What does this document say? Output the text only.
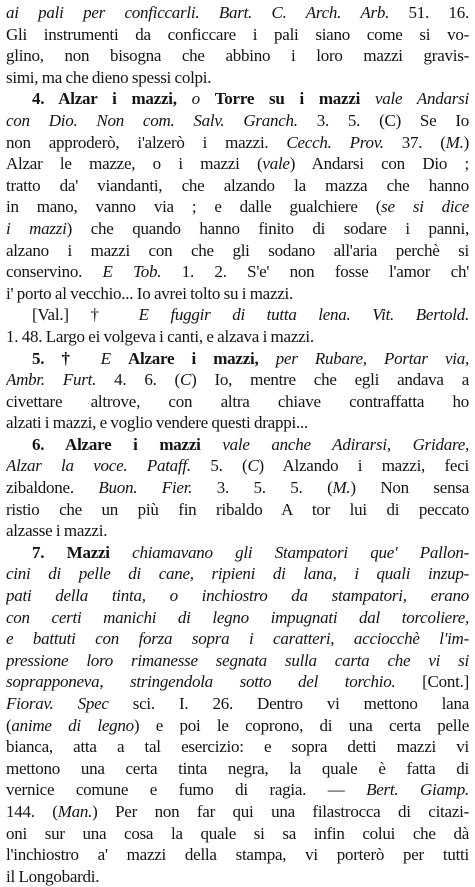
ai pali per conficcarli. Bart. C. Arch. Arb. 51. 16.
Gli instrumenti da conficcare i pali siano come si vo-
glino, non bisogna che abbino i loro mazzi gravis-
simi, ma che dieno spessi colpi.
4. Alzar i mazzi, o Torre su i mazzi vale Andarsi
con Dio. Non com. Salv. Granch. 3. 5. (C) Se Io
non approderò, i'alzerò i mazzi. Cecch. Prov. 37. (M.)
Alzar le mazze, o i mazzi (vale) Andarsi con Dio ;
tratto da' viandanti, che alzando la mazza che hanno
in mano, vanno via ; e dalle gualchiere (se si dice
i mazzi) che quando hanno finito di sodare i panni,
alzano i mazzi con che gli sodano all'aria perchè si
conservino. E Tob. 1. 2. S'e' non fosse l'amor ch'
i' porto al vecchio... Io avrei tolto su i mazzi.
[Val.] † E fuggir di tutta lena. Vit. Bertold.
1. 48. Largo ei volgeva i canti, e alzava i mazzi.
5. † E Alzare i mazzi, per Rubare, Portar via,
Ambr. Furt. 4. 6. (C) Io, mentre che egli andava a
civettare altrove, con altra chiave contraffatta ho
alzati i mazzi, e voglio vendere questi drappi...
6. Alzare i mazzi vale anche Adirarsi, Gridare,
Alzar la voce. Pataff. 5. (C) Alzando i mazzi, feci
zibaldone. Buon. Fier. 3. 5. 5. (M.) Non sensa
ristio che un più fin ribaldo A tor lui di peccato
alzasse i mazzi.
7. Mazzi chiamavano gli Stampatori que' Pallon-
cini di pelle di cane, ripieni di lana, i quali inzup-
pati della tinta, o inchiostro da stampatori, erano
con certi manichi di legno impugnati dal torcoliere,
e battuti con forza sopra i caratteri, acciocchè l'im-
pressione loro rimanesse segnata sulla carta che vi si
soprapponeva, stringendola sotto del torchio. [Cont.]
Fiorav. Spec sci. I. 26. Dentro vi mettono lana
(anime di legno) e poi le coprono, di una certa pelle
bianca, atta a tal esercizio: e sopra detti mazzi vi
mettono una certa tinta negra, la quale è fatta di
vernice comune e fumo di ragia. — Bert. Giamp.
144. (Man.) Per non far qui una filastrocca di citazi-
oni sur una cosa la quale si sa infin colui che dà
l'inchiostro a' mazzi della stampa, vi porterò per tutti
il Longobardi.
